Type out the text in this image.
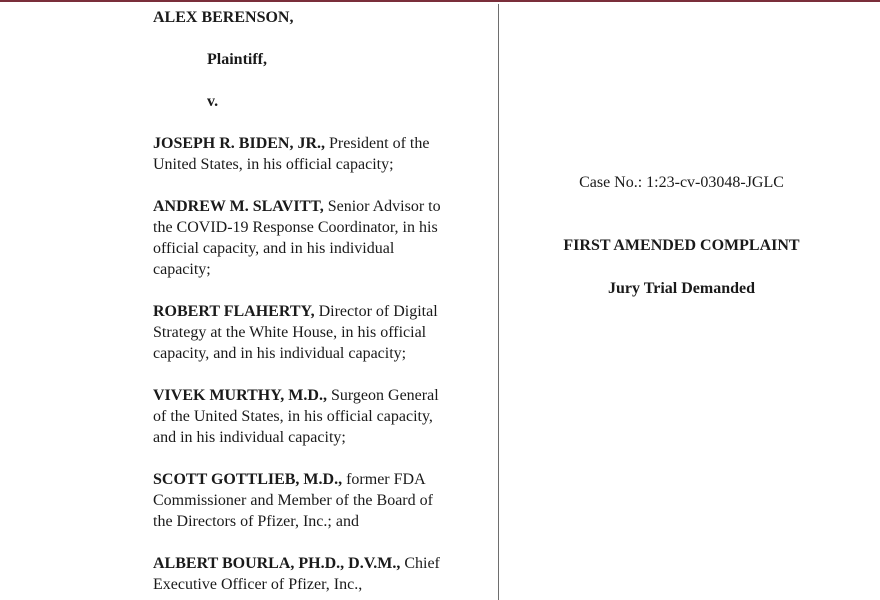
ALEX BERENSON,
Plaintiff,
v.
JOSEPH R. BIDEN, JR., President of the
United States, in his official capacity;
ANDREW M. SLAVITT, Senior Advisor to
the COVID-19 Response Coordinator, in his
official capacity, and in his individual
capacity;
ROBERT FLAHERTY, Director of Digital
Strategy at the White House, in his official
capacity, and in his individual capacity;
VIVEK MURTHY, M.D., Surgeon General
of the United States, in his official capacity,
and in his individual capacity;
SCOTT GOTTLIEB, M.D., former FDA
Commissioner and Member of the Board of
the Directors of Pfizer, Inc.; and
ALBERT BOURLA, PH.D., D.V.M., Chief
Executive Officer of Pfizer, Inc.,
Case No.: 1:23-cv-03048-JGLC
FIRST AMENDED COMPLAINT
Jury Trial Demanded
